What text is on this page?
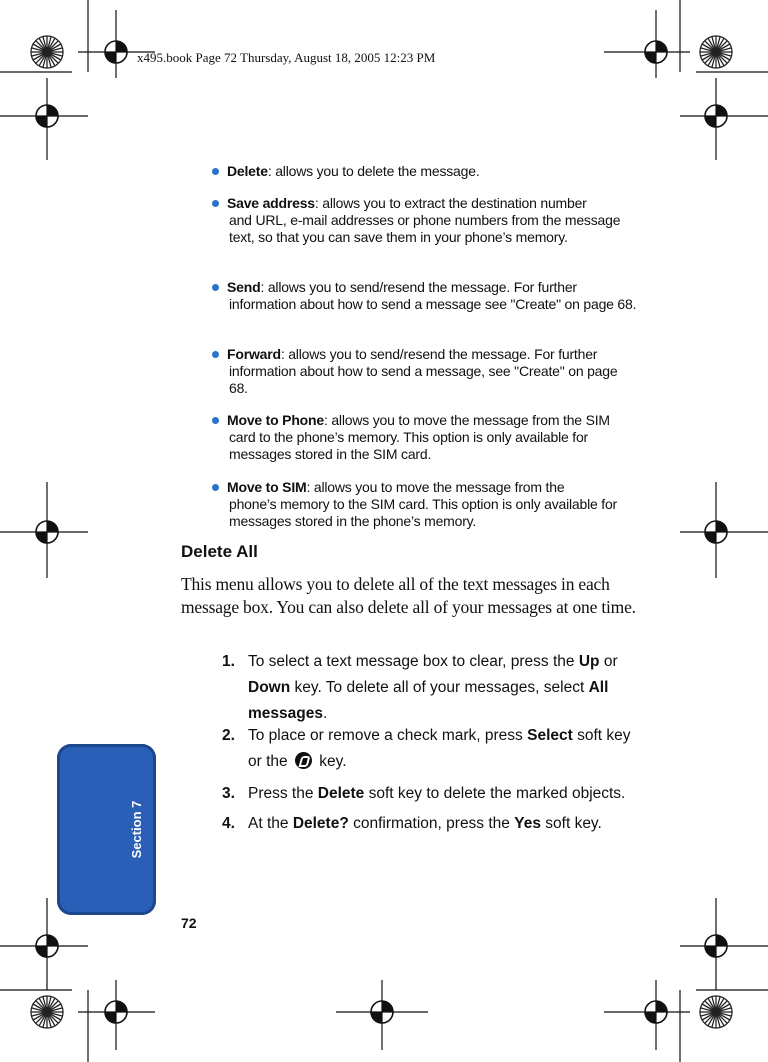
x495.book Page 72 Thursday, August 18, 2005 12:23 PM
Delete: allows you to delete the message.
Save address: allows you to extract the destination number
and URL, e-mail addresses or phone numbers from the message text, so that you can save them in your phone’s memory.
Send: allows you to send/resend the message. For further
information about how to send a message see "Create" on page 68.
Forward: allows you to send/resend the message. For further
information about how to send a message, see "Create" on page 68.
Move to Phone: allows you to move the message from the SIM
card to the phone’s memory. This option is only available for messages stored in the SIM card.
Move to SIM: allows you to move the message from the
phone’s memory to the SIM card. This option is only available for messages stored in the phone’s memory.
Delete All
This menu allows you to delete all of the text messages in each message box. You can also delete all of your messages at one time.
1. To select a text message box to clear, press the Up or Down key. To delete all of your messages, select All messages.
2. To place or remove a check mark, press Select soft key or the  key.
3. Press the Delete soft key to delete the marked objects.
4. At the Delete? confirmation, press the Yes soft key.
Section 7
72
